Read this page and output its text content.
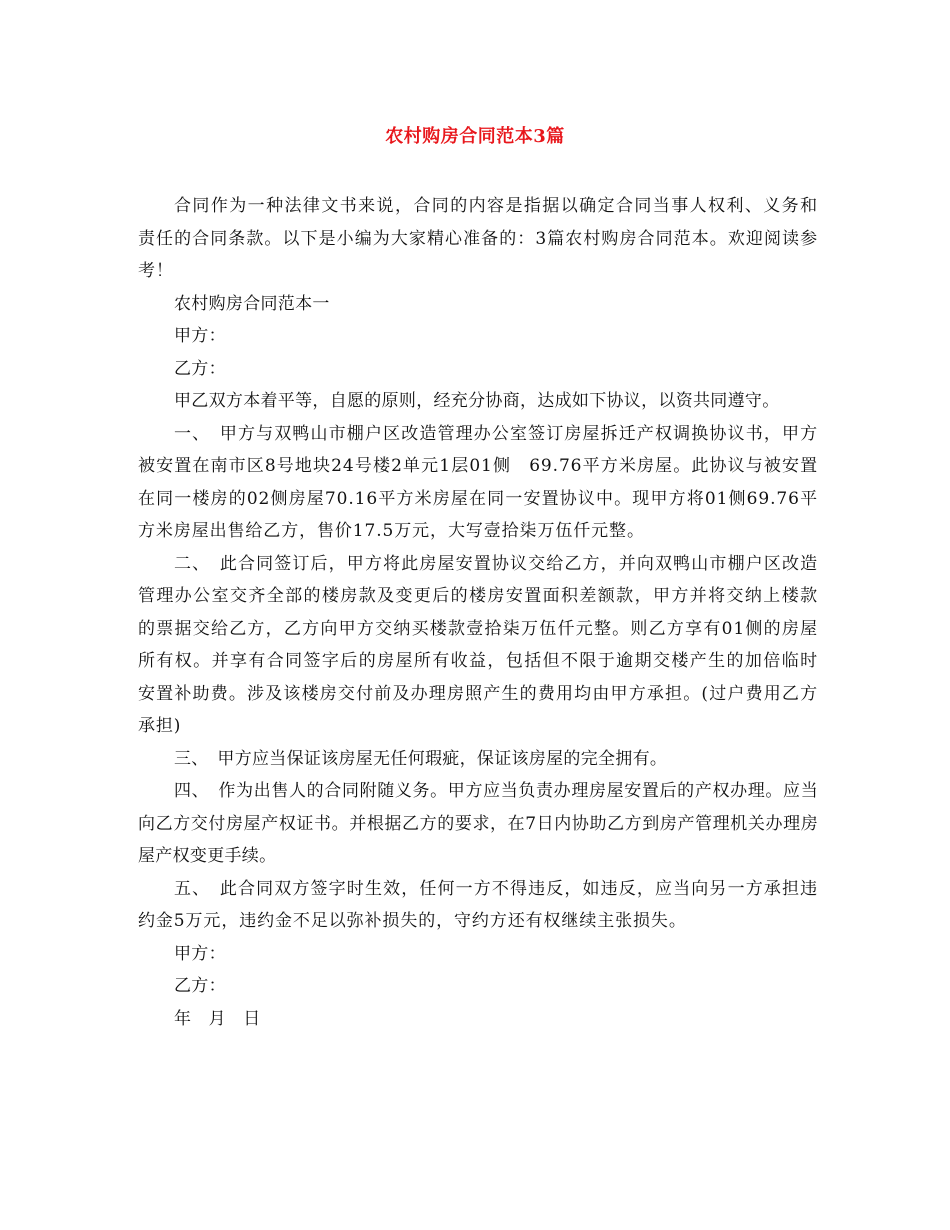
农村购房合同范本3篇

合同作为一种法律文书来说，合同的内容是指据以确定合同当事人权利、义务和责任的合同条款。以下是小编为大家精心准备的：3篇农村购房合同范本。欢迎阅读参考！

农村购房合同范本一

甲方：

乙方：

甲乙双方本着平等，自愿的原则，经充分协商，达成如下协议，以资共同遵守。

一、　甲方与双鸭山市棚户区改造管理办公室签订房屋拆迁产权调换协议书，甲方被安置在南市区8号地块24号楼2单元1层01侧　69.76平方米房屋。此协议与被安置在同一楼房的02侧房屋70.16平方米房屋在同一安置协议中。现甲方将01侧69.76平方米房屋出售给乙方，售价17.5万元，大写壹拾柒万伍仟元整。

二、　此合同签订后，甲方将此房屋安置协议交给乙方，并向双鸭山市棚户区改造管理办公室交齐全部的楼房款及变更后的楼房安置面积差额款，甲方并将交纳上楼款的票据交给乙方，乙方向甲方交纳买楼款壹拾柒万伍仟元整。则乙方享有01侧的房屋所有权。并享有合同签字后的房屋所有收益，包括但不限于逾期交楼产生的加倍临时安置补助费。涉及该楼房交付前及办理房照产生的费用均由甲方承担。(过户费用乙方承担)

三、　甲方应当保证该房屋无任何瑕疵，保证该房屋的完全拥有。

四、　作为出售人的合同附随义务。甲方应当负责办理房屋安置后的产权办理。应当向乙方交付房屋产权证书。并根据乙方的要求，在7日内协助乙方到房产管理机关办理房屋产权变更手续。

五、　此合同双方签字时生效，任何一方不得违反，如违反，应当向另一方承担违约金5万元，违约金不足以弥补损失的，守约方还有权继续主张损失。

甲方：

乙方：

年　月　日
